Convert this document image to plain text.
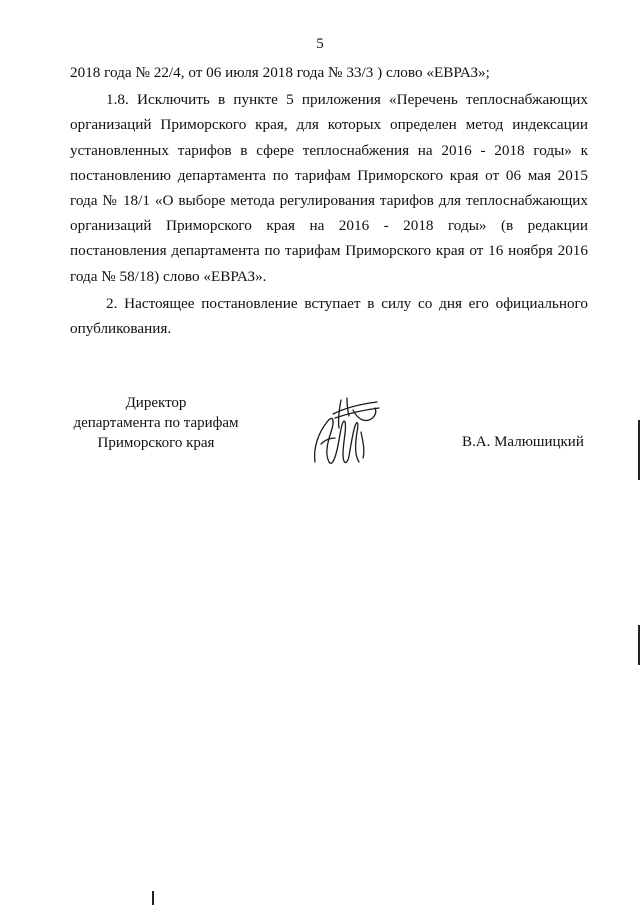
5

2018 года № 22/4, от 06 июля 2018 года № 33/3 ) слово «ЕВРАЗ»;

1.8. Исключить в пункте 5 приложения «Перечень теплоснабжающих организаций Приморского края, для которых определен метод индексации установленных тарифов в сфере теплоснабжения на 2016 - 2018 годы» к постановлению департамента по тарифам Приморского края от 06 мая 2015 года № 18/1 «О выборе метода регулирования тарифов для теплоснабжающих организаций Приморского края на 2016 - 2018 годы» (в редакции постановления департамента по тарифам Приморского края от 16 ноября 2016 года № 58/18) слово «ЕВРАЗ».

2. Настоящее постановление вступает в силу со дня его официального опубликования.

Директор
департамента по тарифам
Приморского края	В.А. Малюшицкий
